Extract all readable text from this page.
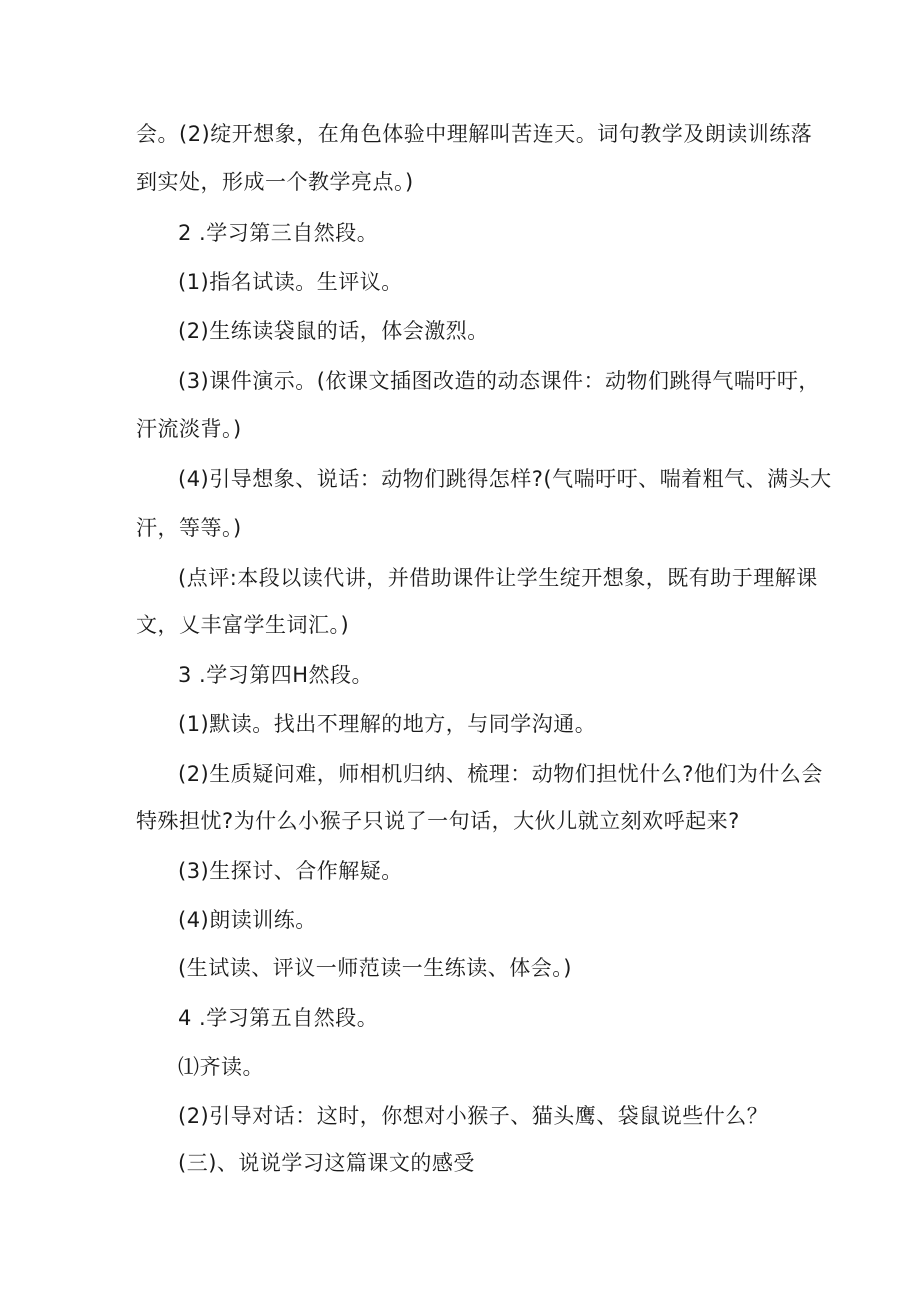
会。(2)绽开想象，在角色体验中理解叫苦连天。词句教学及朗读训练落
到实处，形成一个教学亮点。)
2 .学习第三自然段。
(1)指名试读。生评议。
(2)生练读袋鼠的话，体会激烈。
(3)课件演示。(依课文插图改造的动态课件：动物们跳得气喘吁吁，
汗流淡背。)
(4)引导想象、说话：动物们跳得怎样?(气喘吁吁、喘着粗气、满头大
汗，等等。)
(点评:本段以读代讲，并借助课件让学生绽开想象，既有助于理解课
文，乂丰富学生词汇。)
3 .学习第四H然段。
(1)默读。找出不理解的地方，与同学沟通。
(2)生质疑问难，师相机归纳、梳理：动物们担忧什么?他们为什么会
特殊担忧?为什么小猴子只说了一句话，大伙儿就立刻欢呼起来?
(3)生探讨、合作解疑。
(4)朗读训练。
(生试读、评议一师范读一生练读、体会。)
4 .学习第五自然段。
⑴齐读。
(2)引导对话：这时，你想对小猴子、猫头鹰、袋鼠说些什么？
(三)、说说学习这篇课文的感受
